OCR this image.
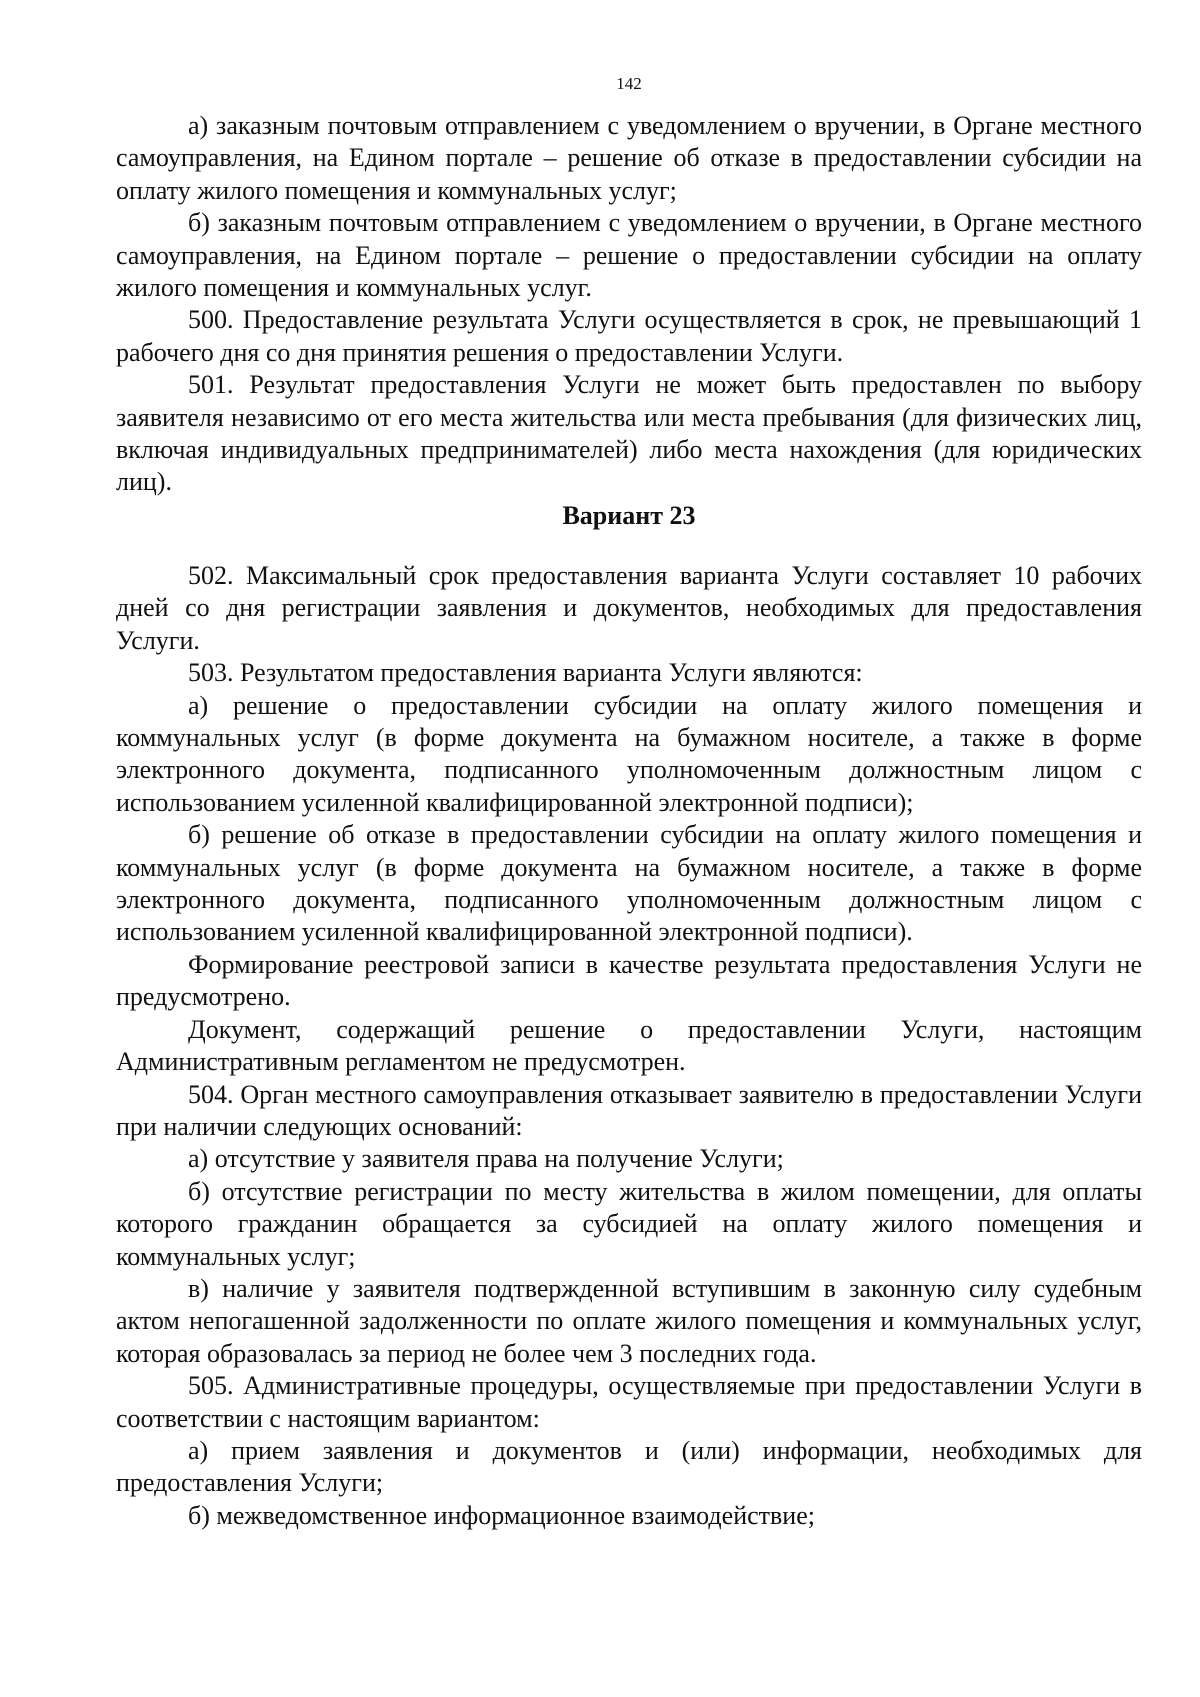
142

а) заказным почтовым отправлением с уведомлением о вручении, в Органе местного самоуправления, на Едином портале – решение об отказе в предоставлении субсидии на оплату жилого помещения и коммунальных услуг;

б) заказным почтовым отправлением с уведомлением о вручении, в Органе местного самоуправления, на Едином портале – решение о предоставлении субсидии на оплату жилого помещения и коммунальных услуг.

500. Предоставление результата Услуги осуществляется в срок, не превышающий 1 рабочего дня со дня принятия решения о предоставлении Услуги.

501. Результат предоставления Услуги не может быть предоставлен по выбору заявителя независимо от его места жительства или места пребывания (для физических лиц, включая индивидуальных предпринимателей) либо места нахождения (для юридических лиц).

Вариант 23

502. Максимальный срок предоставления варианта Услуги составляет 10 рабочих дней со дня регистрации заявления и документов, необходимых для предоставления Услуги.

503. Результатом предоставления варианта Услуги являются:

а) решение о предоставлении субсидии на оплату жилого помещения и коммунальных услуг (в форме документа на бумажном носителе, а также в форме электронного документа, подписанного уполномоченным должностным лицом с использованием усиленной квалифицированной электронной подписи);

б) решение об отказе в предоставлении субсидии на оплату жилого помещения и коммунальных услуг (в форме документа на бумажном носителе, а также в форме электронного документа, подписанного уполномоченным должностным лицом с использованием усиленной квалифицированной электронной подписи).

Формирование реестровой записи в качестве результата предоставления Услуги не предусмотрено.

Документ, содержащий решение о предоставлении Услуги, настоящим Административным регламентом не предусмотрен.

504. Орган местного самоуправления отказывает заявителю в предоставлении Услуги при наличии следующих оснований:

а) отсутствие у заявителя права на получение Услуги;

б) отсутствие регистрации по месту жительства в жилом помещении, для оплаты которого гражданин обращается за субсидией на оплату жилого помещения и коммунальных услуг;

в) наличие у заявителя подтвержденной вступившим в законную силу судебным актом непогашенной задолженности по оплате жилого помещения и коммунальных услуг, которая образовалась за период не более чем 3 последних года.

505. Административные процедуры, осуществляемые при предоставлении Услуги в соответствии с настоящим вариантом:

а) прием заявления и документов и (или) информации, необходимых для предоставления Услуги;

б) межведомственное информационное взаимодействие;
